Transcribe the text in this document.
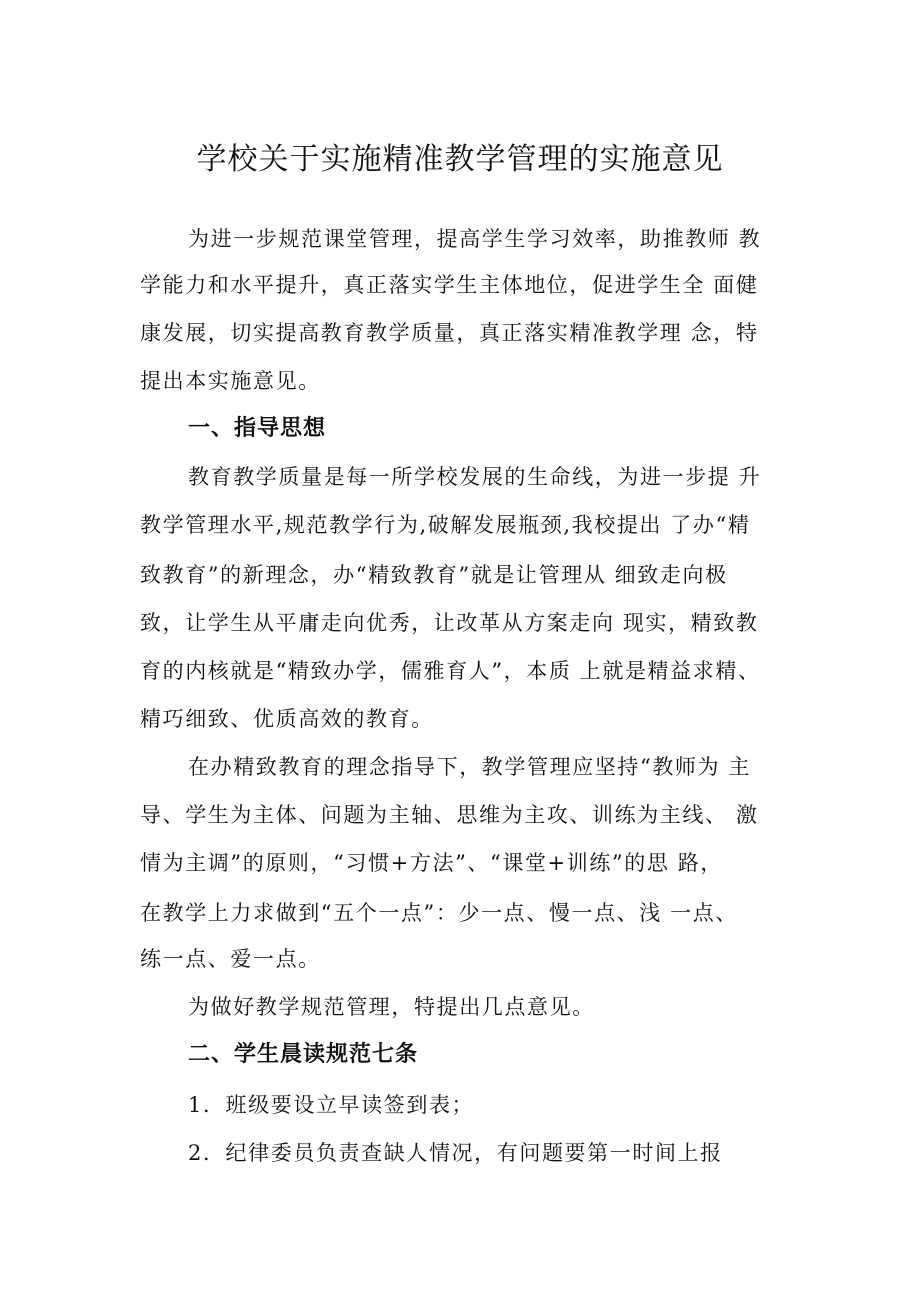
学校关于实施精准教学管理的实施意见

为进一步规范课堂管理，提高学生学习效率，助推教师 教

学能力和水平提升，真正落实学生主体地位，促进学生全 面健

康发展，切实提高教育教学质量，真正落实精准教学理 念，特

提出本实施意见。

一、指导思想

教育教学质量是每一所学校发展的生命线，为进一步提 升

教学管理水平,规范教学行为,破解发展瓶颈,我校提出 了办“精

致教育”的新理念，办“精致教育”就是让管理从 细致走向极

致，让学生从平庸走向优秀，让改革从方案走向 现实，精致教

育的内核就是“精致办学，儒雅育人”，本质 上就是精益求精、

精巧细致、优质高效的教育。

在办精致教育的理念指导下，教学管理应坚持“教师为 主

导、学生为主体、问题为主轴、思维为主攻、训练为主线、 激

情为主调”的原则，“习惯+方法”、“课堂+训练”的思 路，

在教学上力求做到“五个一点”：少一点、慢一点、浅 一点、

练一点、爱一点。

为做好教学规范管理，特提出几点意见。

二、学生晨读规范七条

1．班级要设立早读签到表；

2．纪律委员负责查缺人情况，有问题要第一时间上报
